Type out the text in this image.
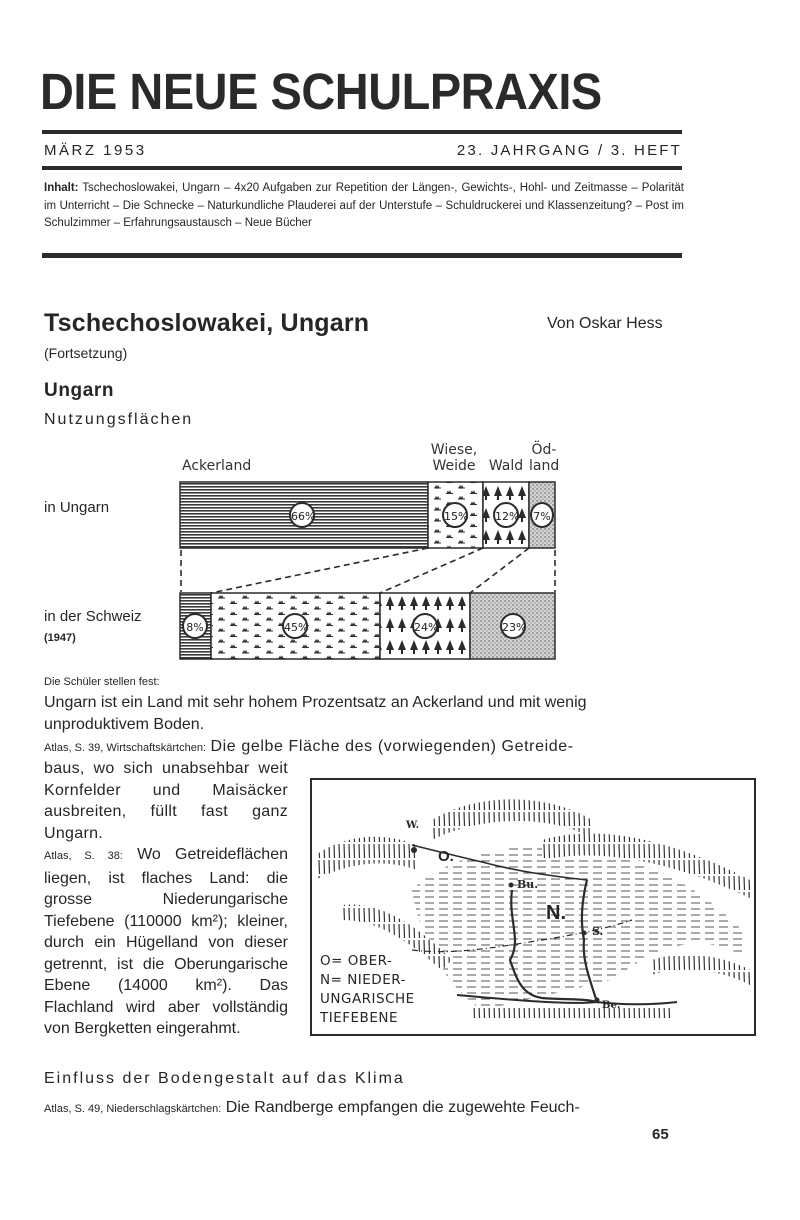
DIE NEUE SCHULPRAXIS
MÄRZ 1953	23. JAHRGANG / 3. HEFT
Inhalt: Tschechoslowakei, Ungarn – 4x20 Aufgaben zur Repetition der Längen-, Gewichts-, Hohl- und Zeitmasse – Polarität im Unterricht – Die Schnecke – Naturkundliche Plauderei auf der Unterstufe – Schuldruckerei und Klassenzeitung? – Post im Schulzimmer – Erfahrungsaustausch – Neue Bücher
Tschechoslowakei, Ungarn	Von Oskar Hess
(Fortsetzung)
Ungarn
Nutzungsflächen
Ackerland
Wiese,
Weide Wald
Öd-
land
in Ungarn
in der Schweiz
(1947)
66%	15% 12% 7%
8%	45%	24%	23%
Die Schüler stellen fest:
Ungarn ist ein Land mit sehr hohem Prozentsatz an Ackerland und mit wenig unproduktivem Boden.
Atlas, S. 39, Wirtschaftskärtchen: Die gelbe Fläche des (vorwiegenden) Getreide-
baus, wo sich unabsehbar weit Kornfelder und Maisäcker ausbreiten, füllt fast ganz Ungarn.
Atlas, S. 38: Wo Getreideflächen liegen, ist flaches Land: die grosse Niederungarische Tiefebene (110000 km²); kleiner, durch ein Hügelland von dieser getrennt, ist die Oberungarische Ebene (14000 km²). Das Flachland wird aber vollständig von Bergketten eingerahmt.
W.
O.
Bu.
N.
S.
Be.
O= OBER-
N= NIEDER-
UNGARISCHE
TIEFEBENE
Einfluss der Bodengestalt auf das Klima
Atlas, S. 49, Niederschlagskärtchen: Die Randberge empfangen die zugewehte Feuch-
65
